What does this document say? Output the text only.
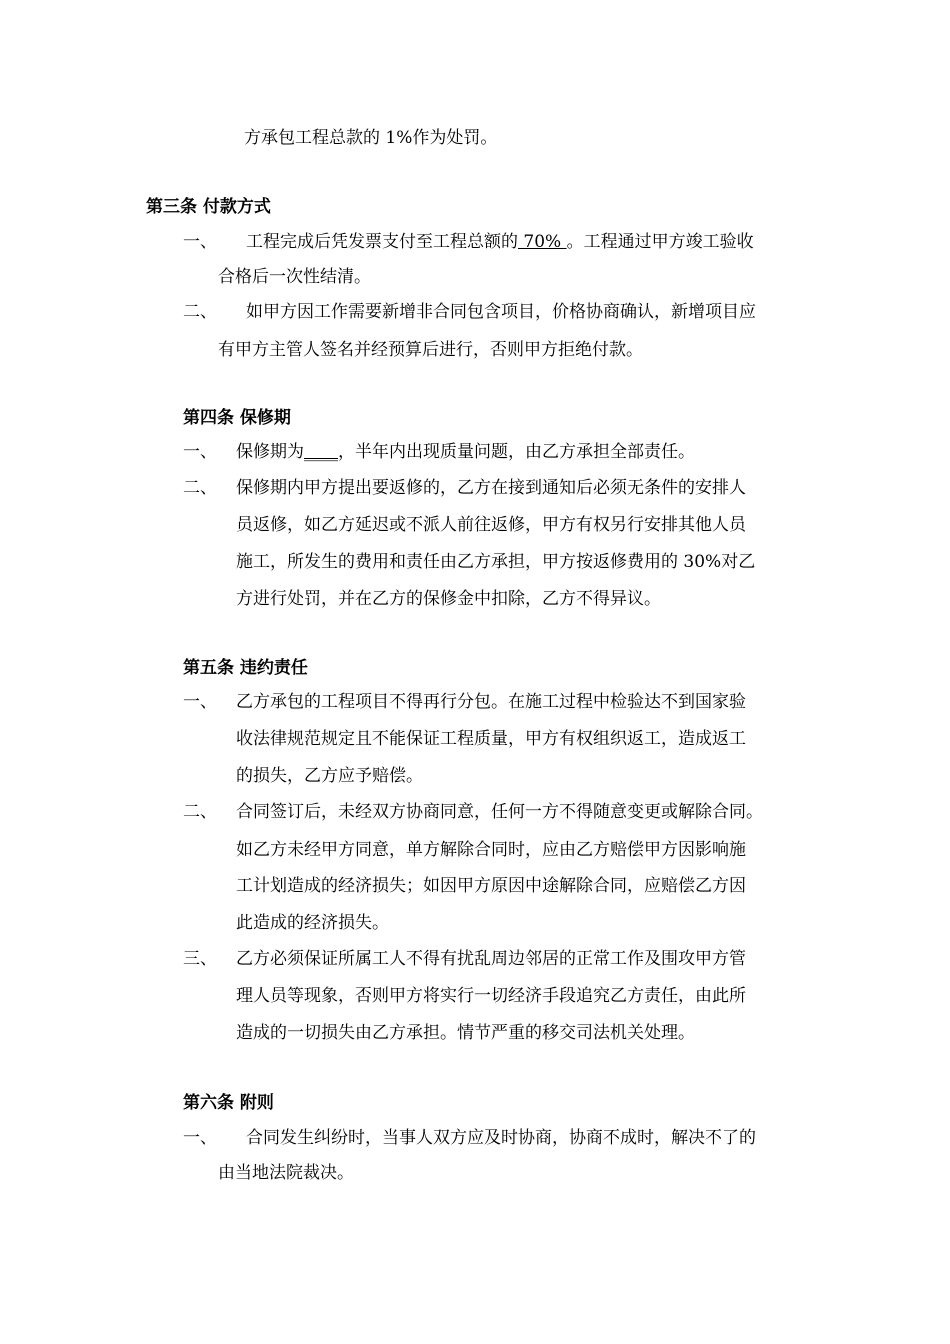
方承包工程总款的 1%作为处罚。
第三条 付款方式
一、 工程完成后凭发票支付至工程总额的 70% 。工程通过甲方竣工验收
合格后一次性结清。
二、 如甲方因工作需要新增非合同包含项目，价格协商确认，新增项目应
有甲方主管人签名并经预算后进行，否则甲方拒绝付款。
第四条 保修期
一、 保修期为____，半年内出现质量问题，由乙方承担全部责任。
二、 保修期内甲方提出要返修的，乙方在接到通知后必须无条件的安排人
员返修，如乙方延迟或不派人前往返修，甲方有权另行安排其他人员
施工，所发生的费用和责任由乙方承担，甲方按返修费用的 30%对乙
方进行处罚，并在乙方的保修金中扣除，乙方不得异议。
第五条 违约责任
一、 乙方承包的工程项目不得再行分包。在施工过程中检验达不到国家验
收法律规范规定且不能保证工程质量，甲方有权组织返工，造成返工
的损失，乙方应予赔偿。
二、 合同签订后，未经双方协商同意，任何一方不得随意变更或解除合同。
如乙方未经甲方同意，单方解除合同时，应由乙方赔偿甲方因影响施
工计划造成的经济损失；如因甲方原因中途解除合同，应赔偿乙方因
此造成的经济损失。
三、 乙方必须保证所属工人不得有扰乱周边邻居的正常工作及围攻甲方管
理人员等现象，否则甲方将实行一切经济手段追究乙方责任，由此所
造成的一切损失由乙方承担。情节严重的移交司法机关处理。
第六条 附则
一、 合同发生纠纷时，当事人双方应及时协商，协商不成时，解决不了的
由当地法院裁决。
